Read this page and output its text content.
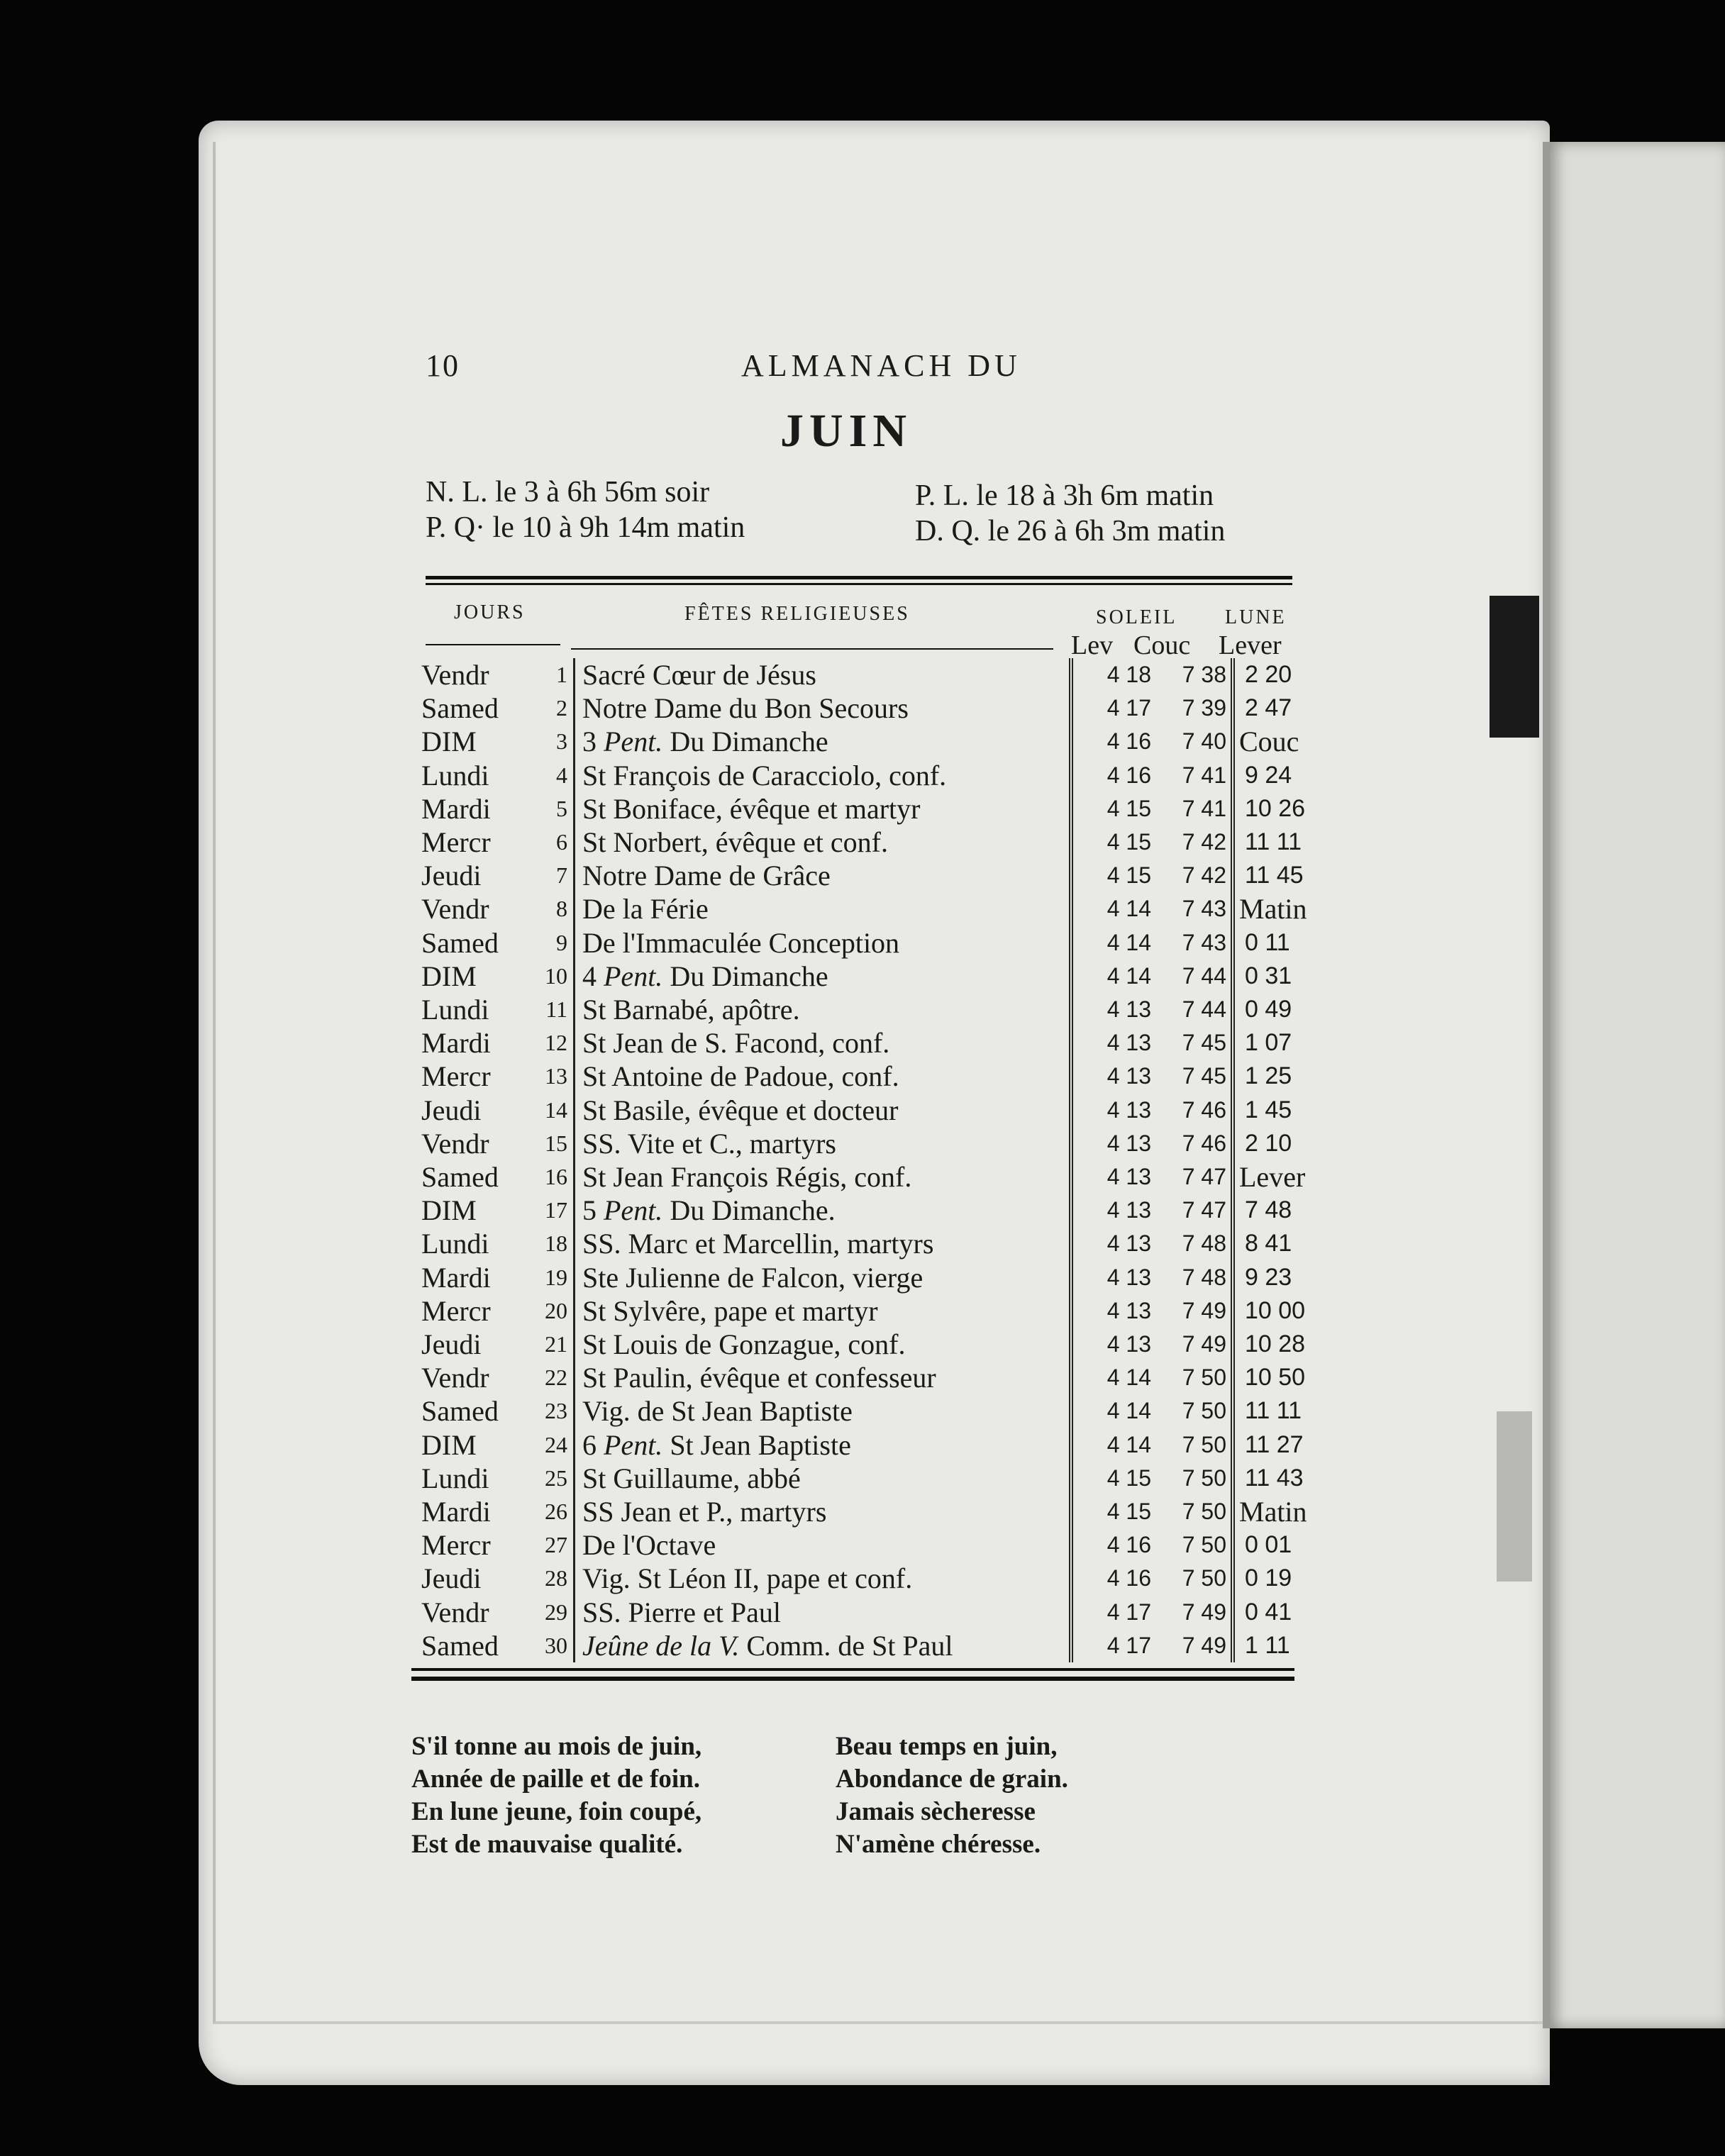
10	ALMANACH DU
JUIN
N. L. le 3 à 6h 56m soir
P. Q· le 10 à 9h 14m matin
P. L. le 18 à 3h 6m matin
D. Q. le 26 à 6h 3m matin
JOURS	FÊTES RELIGIEUSES	SOLEIL LUNE
Lev Couc Lever
Vendr	1	Sacré Cœur de Jésus	4 18	7 38	2 20
Samed	2	Notre Dame du Bon Secours	4 17	7 39	2 47
DIM	3	3 Pent. Du Dimanche	4 16	7 40	Couc
Lundi	4	St François de Caracciolo, conf.	4 16	7 41	9 24
Mardi	5	St Boniface, évêque et martyr	4 15	7 41	10 26
Mercr	6	St Norbert, évêque et conf.	4 15	7 42	11 11
Jeudi	7	Notre Dame de Grâce	4 15	7 42	11 45
Vendr	8	De la Férie	4 14	7 43	Matin
Samed	9	De l'Immaculée Conception	4 14	7 43	0 11
DIM	10	4 Pent. Du Dimanche	4 14	7 44	0 31
Lundi	11	St Barnabé, apôtre.	4 13	7 44	0 49
Mardi	12	St Jean de S. Facond, conf.	4 13	7 45	1 07
Mercr	13	St Antoine de Padoue, conf.	4 13	7 45	1 25
Jeudi	14	St Basile, évêque et docteur	4 13	7 46	1 45
Vendr	15	SS. Vite et C., martyrs	4 13	7 46	2 10
Samed	16	St Jean François Régis, conf.	4 13	7 47	Lever
DIM	17	5 Pent. Du Dimanche.	4 13	7 47	7 48
Lundi	18	SS. Marc et Marcellin, martyrs	4 13	7 48	8 41
Mardi	19	Ste Julienne de Falcon, vierge	4 13	7 48	9 23
Mercr	20	St Sylvêre, pape et martyr	4 13	7 49	10 00
Jeudi	21	St Louis de Gonzague, conf.	4 13	7 49	10 28
Vendr	22	St Paulin, évêque et confesseur	4 14	7 50	10 50
Samed	23	Vig. de St Jean Baptiste	4 14	7 50	11 11
DIM	24	6 Pent. St Jean Baptiste	4 14	7 50	11 27
Lundi	25	St Guillaume, abbé	4 15	7 50	11 43
Mardi	26	SS Jean et P., martyrs	4 15	7 50	Matin
Mercr	27	De l'Octave	4 16	7 50	0 01
Jeudi	28	Vig. St Léon II, pape et conf.	4 16	7 50	0 19
Vendr	29	SS. Pierre et Paul	4 17	7 49	0 41
Samed	30	Jeûne de la V. Comm. de St Paul	4 17	7 49	1 11
S'il tonne au mois de juin,
Année de paille et de foin.
En lune jeune, foin coupé,
Est de mauvaise qualité.
Beau temps en juin,
Abondance de grain.
Jamais sècheresse
N'amène chéresse.
